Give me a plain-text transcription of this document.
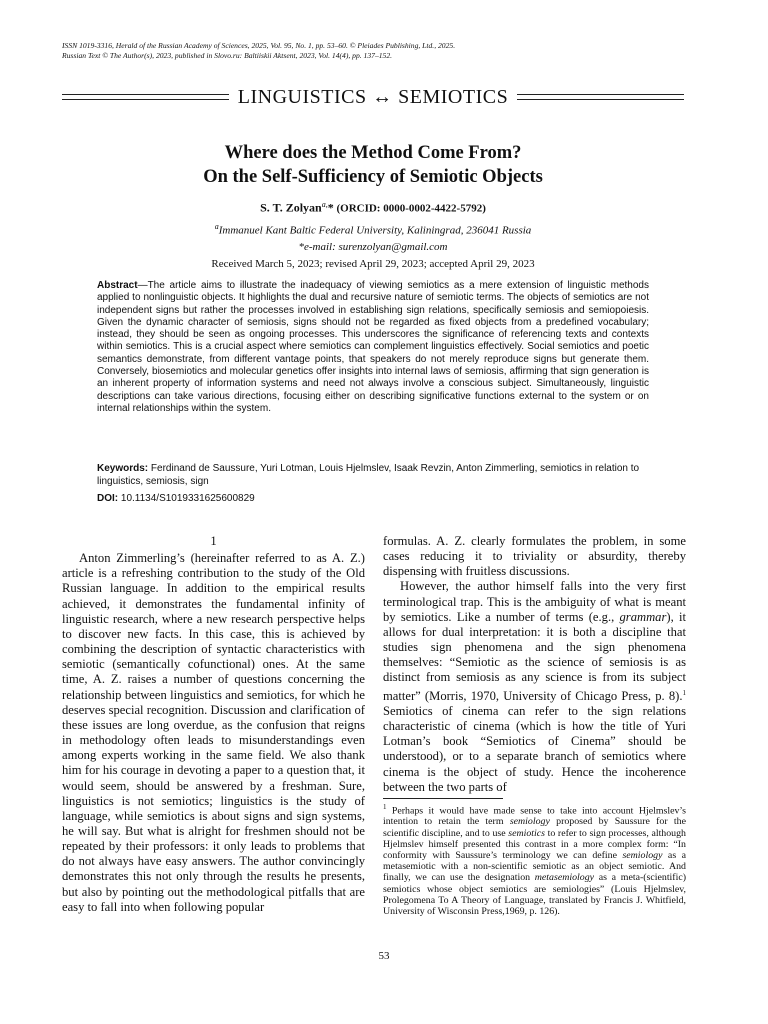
ISSN 1019-3316, Herald of the Russian Academy of Sciences, 2025, Vol. 95, No. 1, pp. 53–60. © Pleiades Publishing, Ltd., 2025.
Russian Text © The Author(s), 2023, published in Slovo.ru: Baltiiskii Aktsent, 2023, Vol. 14(4), pp. 137–152.
LINGUISTICS ↔ SEMIOTICS
Where does the Method Come From?
On the Self-Sufficiency of Semiotic Objects
S. T. Zolyan$^{a,}$* (ORCID: 0000-0002-4422-5792)
$^a$Immanuel Kant Baltic Federal University, Kaliningrad, 236041 Russia
*e-mail: surenzolyan@gmail.com
Received March 5, 2023; revised April 29, 2023; accepted April 29, 2023
Abstract—The article aims to illustrate the inadequacy of viewing semiotics as a mere extension of linguistic methods applied to nonlinguistic objects. It highlights the dual and recursive nature of semiotic terms. The objects of semiotics are not independent signs but rather the processes involved in establishing sign relations, specifically semiosis and semiopoiesis. Given the dynamic character of semiosis, signs should not be regarded as fixed objects from a predefined vocabulary; instead, they should be seen as ongoing processes. This underscores the significance of referencing texts and contexts within semiotics. This is a crucial aspect where semiotics can complement linguistics effectively. Social semiotics and poetic semantics demonstrate, from different vantage points, that speakers do not merely reproduce signs but generate them. Conversely, biosemiotics and molecular genetics offer insights into internal laws of semiosis, affirming that sign generation is an inherent property of information systems and need not always involve a conscious subject. Simultaneously, linguistic descriptions can take various directions, focusing either on describing significative functions external to the system or on internal relationships within the system.
Keywords: Ferdinand de Saussure, Yuri Lotman, Louis Hjelmslev, Isaak Revzin, Anton Zimmerling, semiotics in relation to linguistics, semiosis, sign
DOI: 10.1134/S1019331625600829
1

Anton Zimmerling’s (hereinafter referred to as A. Z.) article is a refreshing contribution to the study of the Old Russian language. In addition to the empirical results achieved, it demonstrates the fundamental infinity of linguistic research, where a new research perspective helps to discover new facts. In this case, this is achieved by combining the description of syntactic characteristics with semiotic (semantically cofunctional) ones. At the same time, A. Z. raises a number of questions concerning the relationship between linguistics and semiotics, for which he deserves special recognition. Discussion and clarification of these issues are long overdue, as the confusion that reigns in methodology often leads to misunderstandings even among experts working in the same field. We also thank him for his courage in devoting a paper to a question that, it would seem, should be answered by a freshman. Sure, linguistics is not semiotics; linguistics is the study of language, while semiotics is about signs and sign systems, he will say. But what is alright for freshmen should not be repeated by their professors: it only leads to problems that do not always have easy answers. The author convincingly demonstrates this not only through the results he presents, but also by pointing out the methodological pitfalls that are easy to fall into when following popular

formulas. A. Z. clearly formulates the problem, in some cases reducing it to triviality or absurdity, thereby dispensing with fruitless discussions.

However, the author himself falls into the very first terminological trap. This is the ambiguity of what is meant by semiotics. Like a number of terms (e.g., grammar), it allows for dual interpretation: it is both a discipline that studies sign phenomena and the sign phenomena themselves: “Semiotic as the science of semiosis is as distinct from semiosis as any science is from its subject matter” (Morris, 1970, University of Chicago Press, p. 8).$^1$ Semiotics of cinema can refer to the sign relations characteristic of cinema (which is how the title of Yuri Lotman’s book “Semiotics of Cinema” should be understood), or to a separate branch of semiotics where cinema is the object of study. Hence the incoherence between the two parts of

$^1$ Perhaps it would have made sense to take into account Hjelmslev’s intention to retain the term semiology proposed by Saussure for the scientific discipline, and to use semiotics to refer to sign processes, although Hjelmslev himself presented this contrast in a more complex form: “In conformity with Saussure’s terminology we can define semiology as a metasemiotic with a non-scientific semiotic as an object semiotic. And finally, we can use the designation metasemiology as a meta-(scientific) semiotics whose object semiotics are semiologies” (Louis Hjelmslev, Prolegomena To A Theory of Language, translated by Francis J. Whitfield, University of Wisconsin Press,1969, p. 126).

53
